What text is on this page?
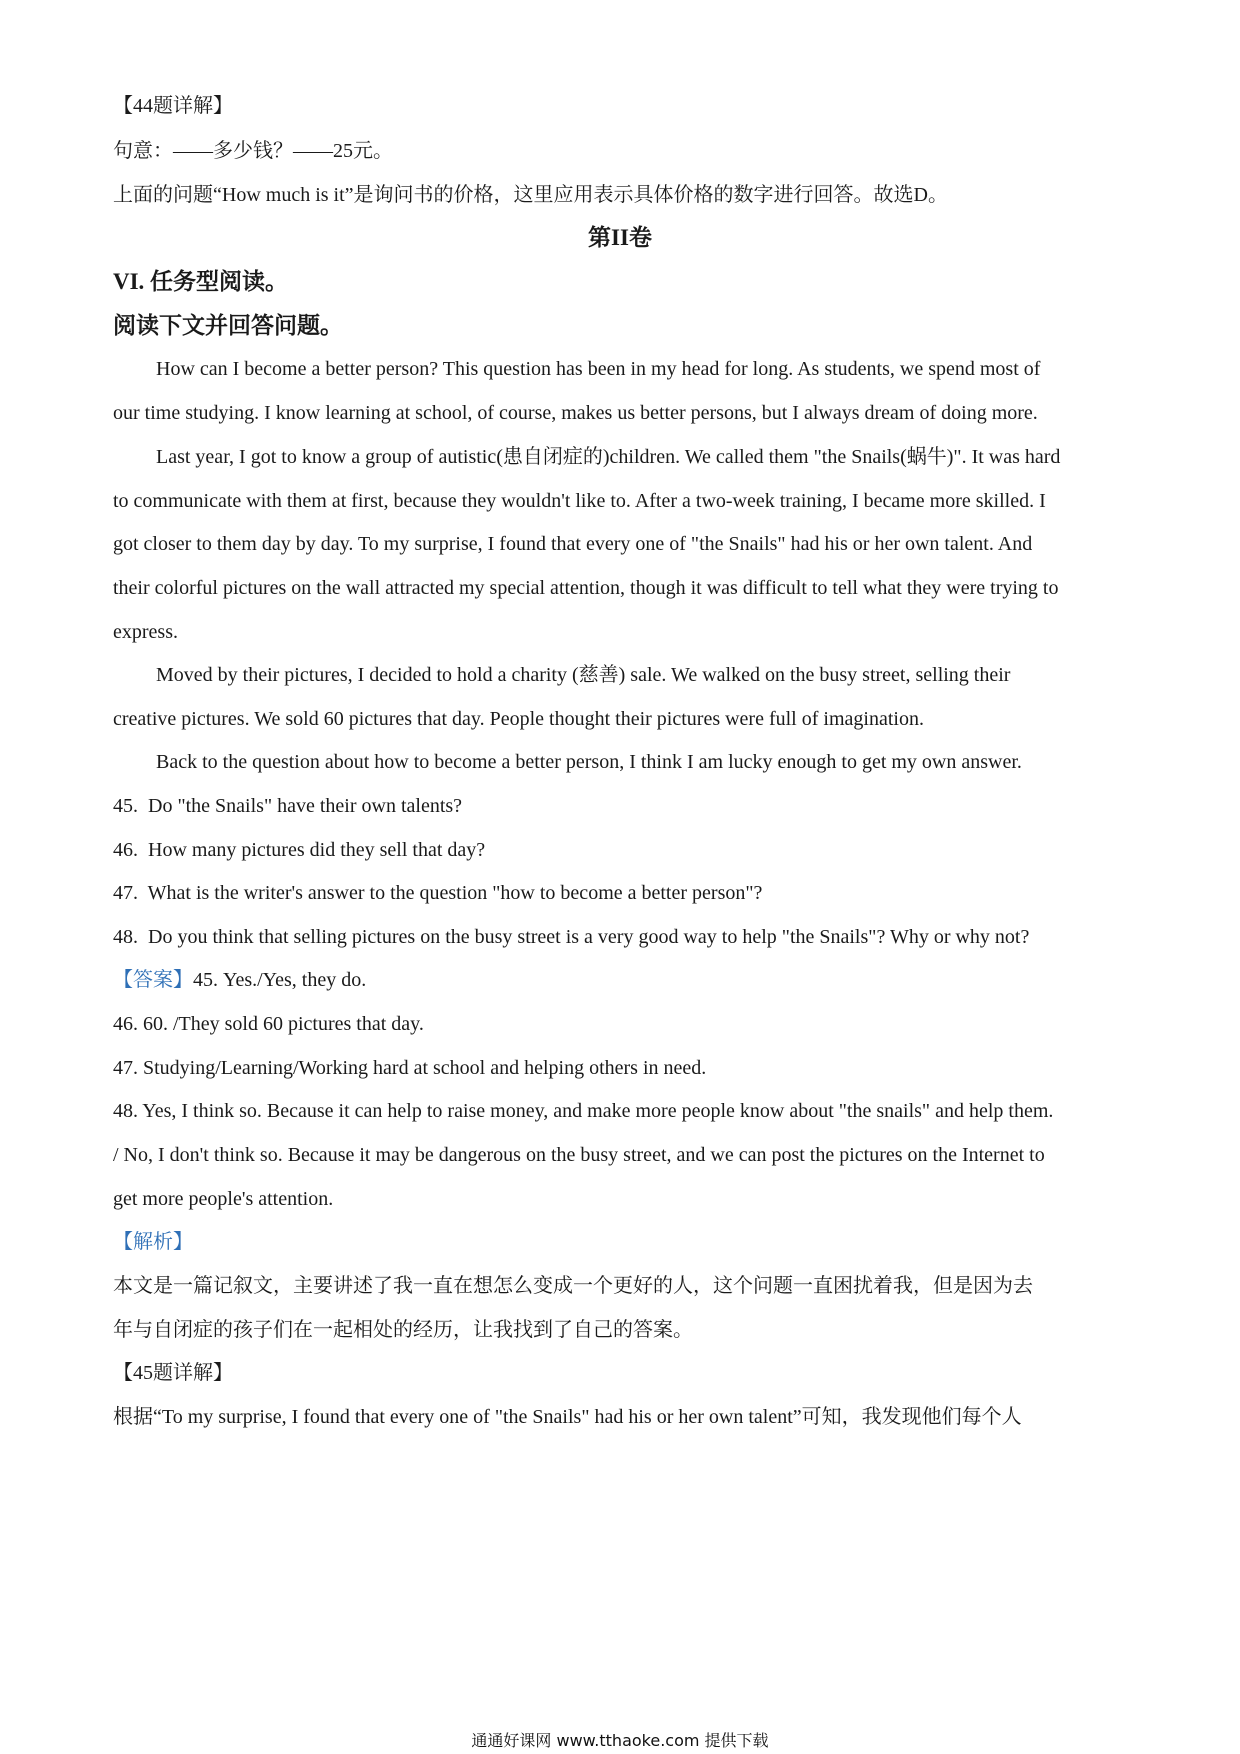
【44题详解】
句意：——多少钱？——25元。
上面的问题“How much is it”是询问书的价格，这里应用表示具体价格的数字进行回答。故选D。
第II卷
VI. 任务型阅读。
阅读下文并回答问题。
How can I become a better person? This question has been in my head for long. As students, we spend most of
our time studying. I know learning at school, of course, makes us better persons, but I always dream of doing more.
Last year, I got to know a group of autistic(患自闭症的)children. We called them "the Snails(蜗牛)". It was hard
to communicate with them at first, because they wouldn't like to. After a two-week training, I became more skilled. I
got closer to them day by day. To my surprise, I found that every one of "the Snails" had his or her own talent. And
their colorful pictures on the wall attracted my special attention, though it was difficult to tell what they were trying to
express.
Moved by their pictures, I decided to hold a charity (慈善) sale. We walked on the busy street, selling their
creative pictures. We sold 60 pictures that day. People thought their pictures were full of imagination.
Back to the question about how to become a better person, I think I am lucky enough to get my own answer.
45. Do "the Snails" have their own talents?
46. How many pictures did they sell that day?
47. What is the writer's answer to the question "how to become a better person"?
48. Do you think that selling pictures on the busy street is a very good way to help "the Snails"? Why or why not?
【答案】45. Yes./Yes, they do.
46. 60. /They sold 60 pictures that day.
47. Studying/Learning/Working hard at school and helping others in need.
48. Yes, I think so. Because it can help to raise money, and make more people know about "the snails" and help them.
/ No, I don't think so. Because it may be dangerous on the busy street, and we can post the pictures on the Internet to
get more people's attention.
【解析】
本文是一篇记叙文，主要讲述了我一直在想怎么变成一个更好的人，这个问题一直困扰着我，但是因为去
年与自闭症的孩子们在一起相处的经历，让我找到了自己的答案。
【45题详解】
根据“To my surprise, I found that every one of "the Snails" had his or her own talent”可知，我发现他们每个人
通通好课网 www.tthaoke.com 提供下载
